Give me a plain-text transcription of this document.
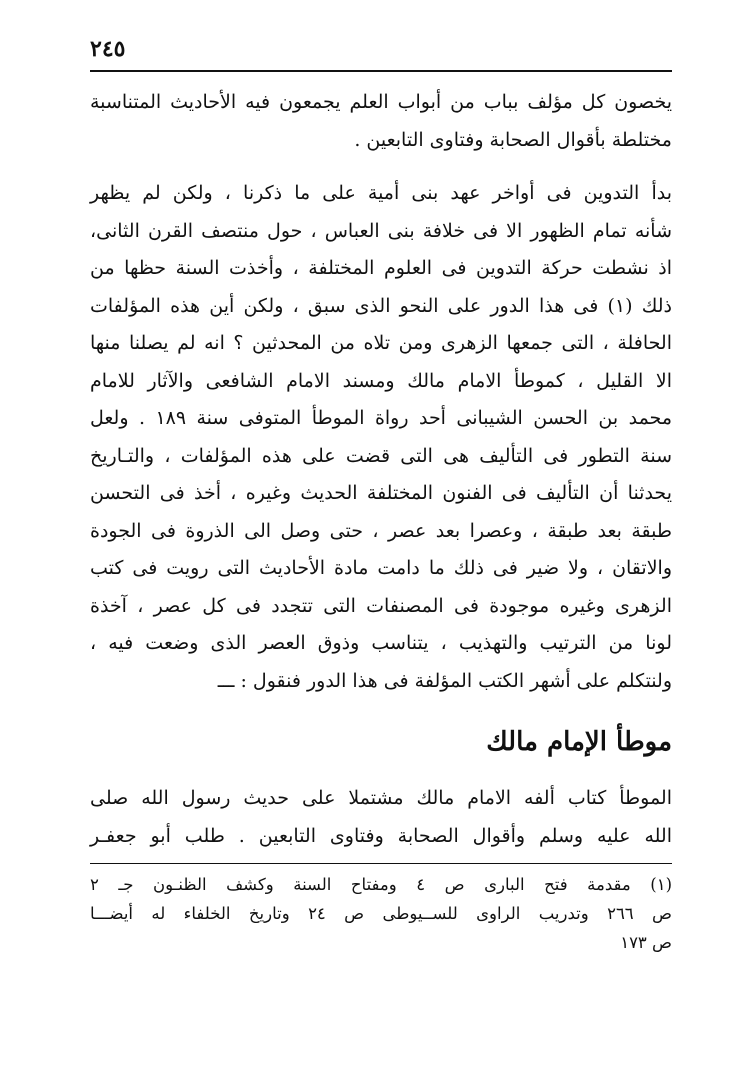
٢٤٥
يخصون كل مؤلف بباب من أبواب العلم يجمعون فيه الأحاديث المتناسبة
مختلطة بأقوال الصحابة وفتاوى التابعين .
بدأ التدوين فى أواخر عهد بنى أمية على ما ذكرنا ، ولكن لم يظهر
شأنه تمام الظهور الا فى خلافة بنى العباس ، حول منتصف القرن الثانى،
اذ نشطت حركة التدوين فى العلوم المختلفة ، وأخذت السنة حظها من
ذلك (١) فى هذا الدور على النحو الذى سبق ، ولكن أين هذه المؤلفات
الحافلة ، التى جمعها الزهرى ومن تلاه من المحدثين ؟ انه لم يصلنا منها
الا القليل ، كموطأ الامام مالك ومسند الامام الشافعى والآثار للامام
محمد بن الحسن الشيبانى أحد رواة الموطأ المتوفى سنة ١٨٩ . ولعل
سنة التطور فى التأليف هى التى قضت على هذه المؤلفات ، والتـاريخ
يحدثنا أن التأليف فى الفنون المختلفة الحديث وغيره ، أخذ فى التحسن
طبقة بعد طبقة ، وعصرا بعد عصر ، حتى وصل الى الذروة فى الجودة
والاتقان ، ولا ضير فى ذلك ما دامت مادة الأحاديث التى رويت فى كتب
الزهرى وغيره موجودة فى المصنفات التى تتجدد فى كل عصر ، آخذة
لونا من الترتيب والتهذيب ، يتناسب وذوق العصر الذى وضعت فيه ،
ولنتكلم على أشهر الكتب المؤلفة فى هذا الدور فنقول : ـــ
موطأ الإمام مالك
الموطأ كتاب ألفه الامام مالك مشتملا على حديث رسول الله صلى
الله عليه وسلم وأقوال الصحابة وفتاوى التابعين . طلب أبو جعفـر
(١) مقدمة فتح البارى ص ٤ ومفتاح السنة وكشف الظنـون جـ ٢
ص ٢٦٦ وتدريب الراوى للســيوطى ص ٢٤ وتاريخ الخلفاء له أيضـــا
ص ١٧٣
